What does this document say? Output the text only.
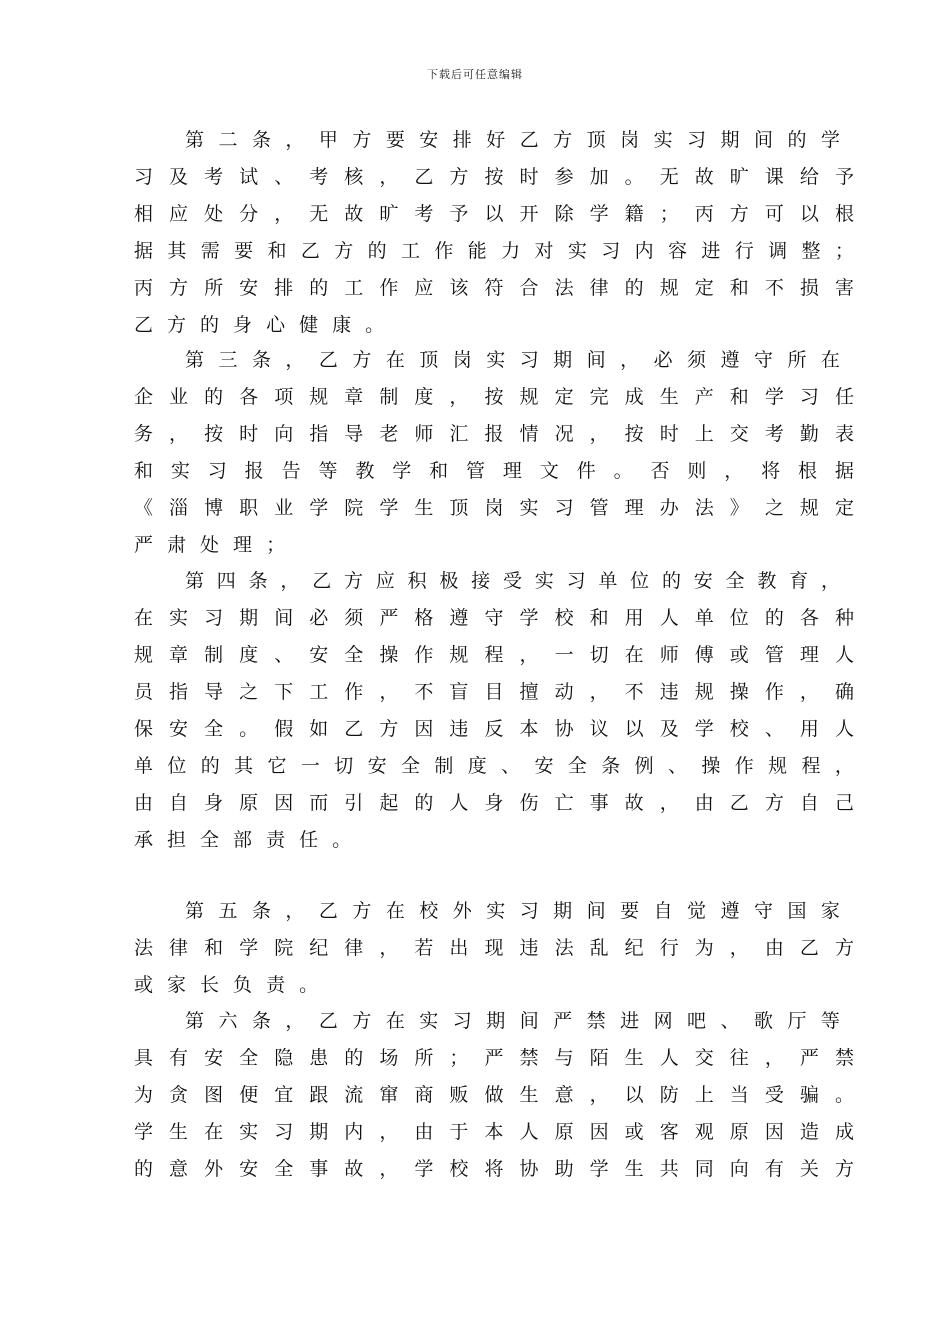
下载后可任意编辑
第 二 条 ， 甲 方 要 安 排 好 乙 方 顶 岗 实 习 期 间 的 学
习 及 考 试 、 考 核 ， 乙 方 按 时 参 加 。 无 故 旷 课 给 予
相 应 处 分 ， 无 故 旷 考 予 以 开 除 学 籍 ； 丙 方 可 以 根
据 其 需 要 和 乙 方 的 工 作 能 力 对 实 习 内 容 进 行 调 整 ；
丙 方 所 安 排 的 工 作 应 该 符 合 法 律 的 规 定 和 不 损 害
乙 方 的 身 心 健 康 。
第 三 条 ， 乙 方 在 顶 岗 实 习 期 间 ， 必 须 遵 守 所 在
企 业 的 各 项 规 章 制 度 ， 按 规 定 完 成 生 产 和 学 习 任
务 ， 按 时 向 指 导 老 师 汇 报 情 况 ， 按 时 上 交 考 勤 表
和 实 习 报 告 等 教 学 和 管 理 文 件 。 否 则 ， 将 根 据
《 淄 博 职 业 学 院 学 生 顶 岗 实 习 管 理 办 法 》 之 规 定
严 肃 处 理 ；
第 四 条 ， 乙 方 应 积 极 接 受 实 习 单 位 的 安 全 教 育 ，
在 实 习 期 间 必 须 严 格 遵 守 学 校 和 用 人 单 位 的 各 种
规 章 制 度 、 安 全 操 作 规 程 ， 一 切 在 师 傅 或 管 理 人
员 指 导 之 下 工 作 ， 不 盲 目 擅 动 ， 不 违 规 操 作 ， 确
保 安 全 。 假 如 乙 方 因 违 反 本 协 议 以 及 学 校 、 用 人
单 位 的 其 它 一 切 安 全 制 度 、 安 全 条 例 、 操 作 规 程 ，
由 自 身 原 因 而 引 起 的 人 身 伤 亡 事 故 ， 由 乙 方 自 己
承 担 全 部 责 任 。
第 五 条 ， 乙 方 在 校 外 实 习 期 间 要 自 觉 遵 守 国 家
法 律 和 学 院 纪 律 ， 若 出 现 违 法 乱 纪 行 为 ， 由 乙 方
或 家 长 负 责 。
第 六 条 ， 乙 方 在 实 习 期 间 严 禁 进 网 吧 、 歌 厅 等
具 有 安 全 隐 患 的 场 所 ； 严 禁 与 陌 生 人 交 往 ， 严 禁
为 贪 图 便 宜 跟 流 窜 商 贩 做 生 意 ， 以 防 上 当 受 骗 。
学 生 在 实 习 期 内 ， 由 于 本 人 原 因 或 客 观 原 因 造 成
的 意 外 安 全 事 故 ， 学 校 将 协 助 学 生 共 同 向 有 关 方
